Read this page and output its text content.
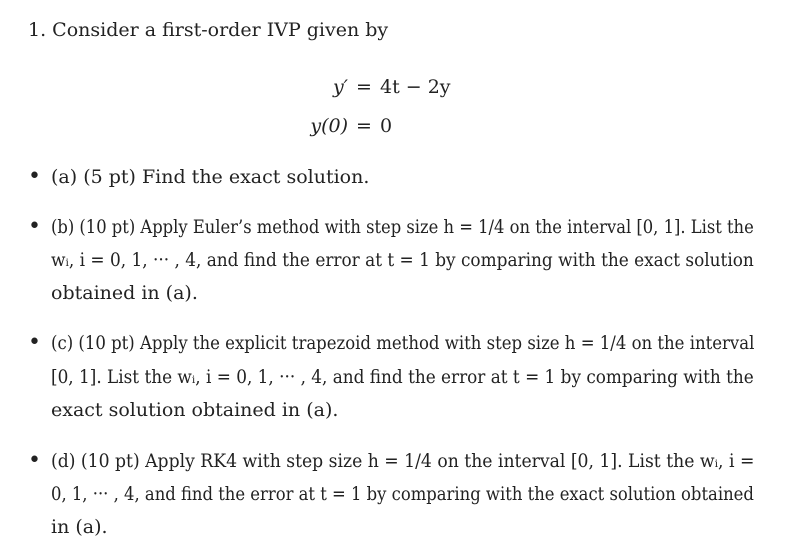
1. Consider a first-order IVP given by
y′ = 4t − 2y
y(0) = 0
• (a) (5 pt) Find the exact solution.
• (b) (10 pt) Apply Euler’s method with step size h = 1/4 on the interval [0, 1]. List the
wᵢ, i = 0, 1, ··· , 4, and find the error at t = 1 by comparing with the exact solution
obtained in (a).
• (c) (10 pt) Apply the explicit trapezoid method with step size h = 1/4 on the interval
[0, 1]. List the wᵢ, i = 0, 1, ··· , 4, and find the error at t = 1 by comparing with the
exact solution obtained in (a).
• (d) (10 pt) Apply RK4 with step size h = 1/4 on the interval [0, 1]. List the wᵢ, i =
0, 1, ··· , 4, and find the error at t = 1 by comparing with the exact solution obtained
in (a).
